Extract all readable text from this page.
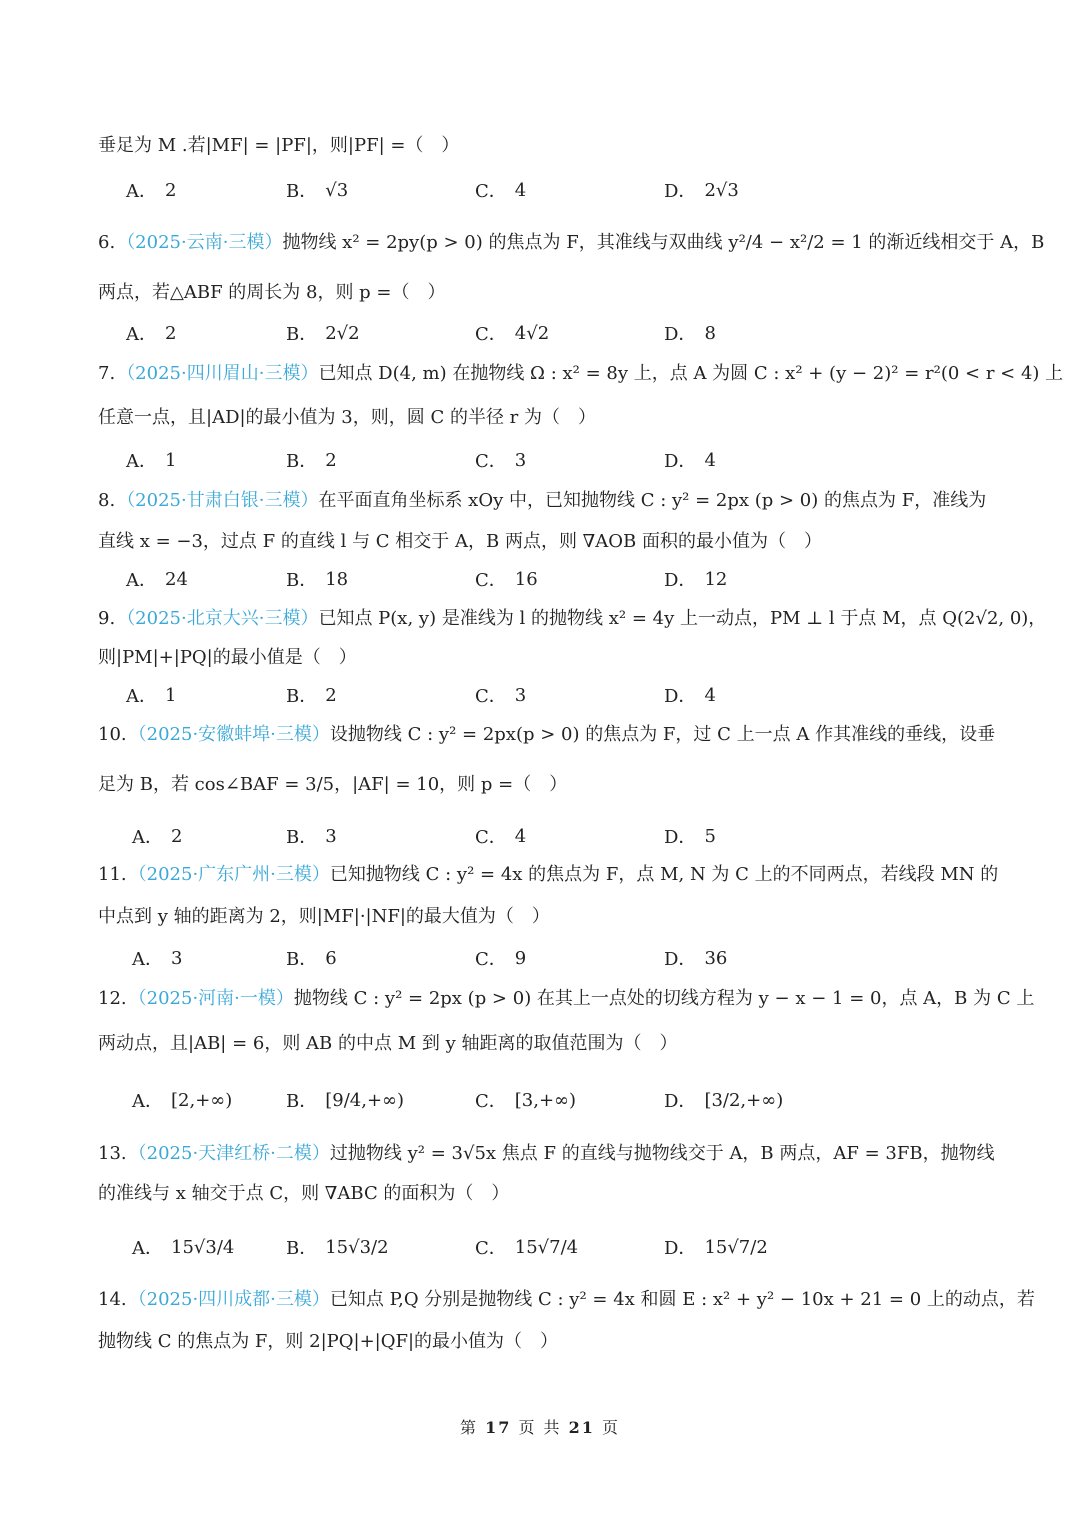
垂足为 M .若|MF| = |PF|，则|PF| =（　）
6. （2025·云南·三模）抛物线 x² = 2py(p > 0) 的焦点为 F，其准线与双曲线 y²/4 − x²/2 = 1 的渐近线相交于 A，B
两点，若△ABF 的周长为 8，则 p =（　）
7. （2025·四川眉山·三模）已知点 D(4, m) 在抛物线 Ω : x² = 8y 上，点 A 为圆 C : x² + (y − 2)² = r²(0 < r < 4) 上
任意一点，且|AD|的最小值为 3，则，圆 C 的半径 r 为（　）
8. （2025·甘肃白银·三模）在平面直角坐标系 xOy 中，已知抛物线 C : y² = 2px (p > 0) 的焦点为 F，准线为
直线 x = −3，过点 F 的直线 l 与 C 相交于 A，B 两点，则 ∇AOB 面积的最小值为（　）
9. （2025·北京大兴·三模）已知点 P(x, y) 是准线为 l 的抛物线 x² = 4y 上一动点，PM ⊥ l 于点 M，点 Q(2√2, 0)，
则|PM|+|PQ|的最小值是（　）
10. （2025·安徽蚌埠·三模）设抛物线 C : y² = 2px(p > 0) 的焦点为 F，过 C 上一点 A 作其准线的垂线，设垂
足为 B，若 cos∠BAF = 3/5，|AF| = 10，则 p =（　）
11. （2025·广东广州·三模）已知抛物线 C : y² = 4x 的焦点为 F，点 M, N 为 C 上的不同两点，若线段 MN 的
中点到 y 轴的距离为 2，则|MF|·|NF|的最大值为（　）
12. （2025·河南·一模）抛物线 C : y² = 2px (p > 0) 在其上一点处的切线方程为 y − x − 1 = 0，点 A，B 为 C 上
两动点，且|AB| = 6，则 AB 的中点 M 到 y 轴距离的取值范围为（　）
13. （2025·天津红桥·二模）过抛物线 y² = 3√5x 焦点 F 的直线与抛物线交于 A，B 两点，AF = 3FB，抛物线
的准线与 x 轴交于点 C，则 ∇ABC 的面积为（　）
14. （2025·四川成都·三模）已知点 P,Q 分别是抛物线 C : y² = 4x 和圆 E : x² + y² − 10x + 21 = 0 上的动点，若
抛物线 C 的焦点为 F，则 2|PQ|+|QF|的最小值为（　）
A． 2	B． √3	C． 4	D． 2√3
A． 2	B． 2√2	C． 4√2	D． 8
A． 1	B． 2	C． 3	D． 4
A． 24	B． 18	C． 16	D． 12
A． 1	B． 2	C． 3	D． 4
A． 2	B． 3	C． 4	D． 5
A． 3	B． 6	C． 9	D． 36
A． [2,+∞)	B． [9/4,+∞)	C． [3,+∞)	D． [3/2,+∞)
A． 15√3/4	B． 15√3/2	C． 15√7/4	D． 15√7/2
第 17 页 共 21 页
